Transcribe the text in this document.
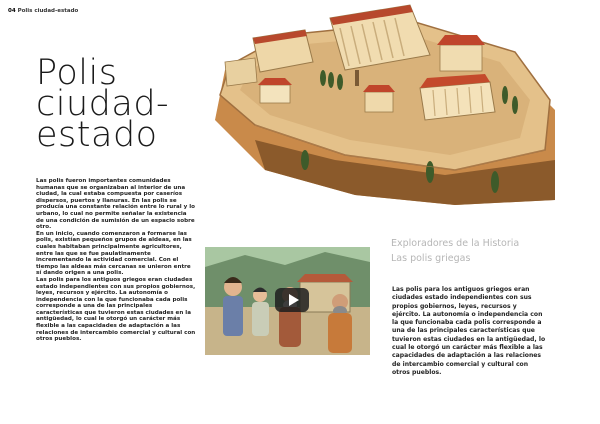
04 Polis ciudad-estado
Polis
ciudad-
estado

Las polis fueron importantes comunidades humanas que se organizaban al interior de una ciudad, la cual estaba compuesta por caseríos dispersos, puertos y llanuras. En las polis se producía una constante relación entre lo rural y lo urbano, lo cual no permite señalar la existencia de una condición de sumisión de un espacio sobre otro.

En un inicio, cuando comenzaron a formarse las polis, existían pequeños grupos de aldeas, en las cuales habitaban principalmente agricultores, entre las que se fue paulatinamente incrementando la actividad comercial. Con el tiempo las aldeas más cercanas se unieron entre sí dando origen a una polis.

Las polis para los antiguos griegos eran ciudades estado independientes con sus propios gobiernos, leyes, recursos y ejército. La autonomía o independencia con la que funcionaba cada polis corresponde a una de las principales características que tuvieron estas ciudades en la antigüedad, lo cual le otorgó un carácter más flexible a las capacidades de adaptación a las relaciones de intercambio comercial y cultural con otros pueblos.

Exploradores de la Historia
Las polis griegas
Las polis para los antiguos griegos eran ciudades estado independientes con sus propios gobiernos, leyes, recursos y ejército. La autonomía o independencia con la que funcionaba cada polis corresponde a una de las principales características que tuvieron estas ciudades en la antigüedad, lo cual le otorgó un carácter más flexible a las capacidades de adaptación a las relaciones de intercambio comercial y cultural con otros pueblos.
